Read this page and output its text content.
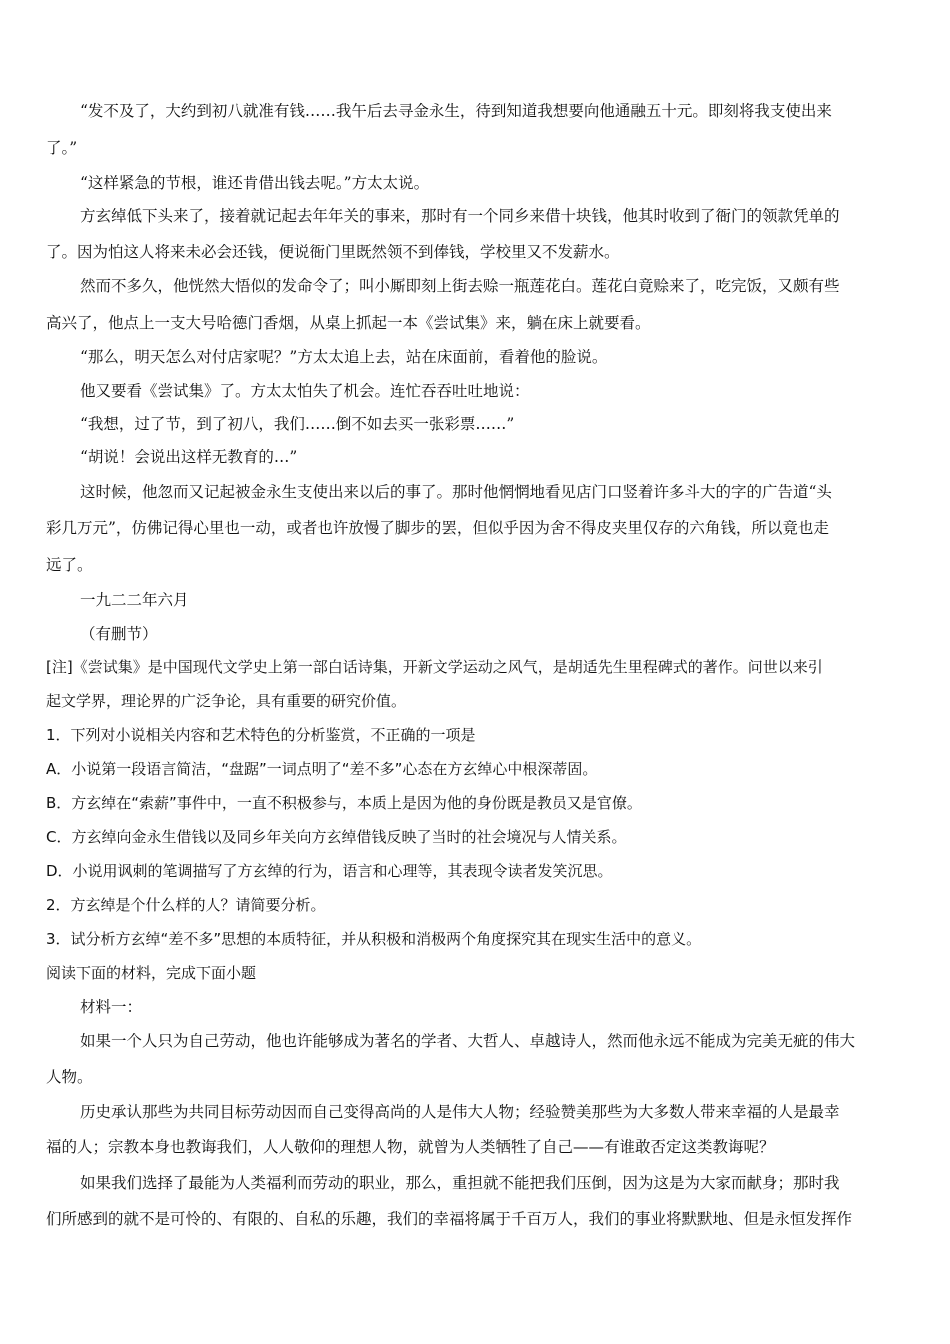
“发不及了，大约到初八就准有钱……我午后去寻金永生，待到知道我想要向他通融五十元。即刻将我支使出来

了。”

“这样紧急的节根，谁还肯借出钱去呢。”方太太说。

方玄绰低下头来了，接着就记起去年年关的事来，那时有一个同乡来借十块钱，他其时收到了衙门的领款凭单的

了。因为怕这人将来未必会还钱，便说衙门里既然领不到俸钱，学校里又不发薪水。

然而不多久，他恍然大悟似的发命令了；叫小厮即刻上街去赊一瓶莲花白。莲花白竟赊来了，吃完饭，又颇有些

高兴了，他点上一支大号哈德门香烟，从桌上抓起一本《尝试集》来，躺在床上就要看。

“那么，明天怎么对付店家呢？”方太太追上去，站在床面前，看着他的脸说。

他又要看《尝试集》了。方太太怕失了机会。连忙吞吞吐吐地说：

“我想，过了节，到了初八，我们……倒不如去买一张彩票……”

“胡说！会说出这样无教育的…”

这时候，他忽而又记起被金永生支使出来以后的事了。那时他惘惘地看见店门口竖着许多斗大的字的广告道“头

彩几万元”，仿佛记得心里也一动，或者也许放慢了脚步的罢，但似乎因为舍不得皮夹里仅存的六角钱，所以竟也走

远了。

一九二二年六月

（有删节）

[注]《尝试集》是中国现代文学史上第一部白话诗集，开新文学运动之风气，是胡适先生里程碑式的著作。问世以来引

起文学界，理论界的广泛争论，具有重要的研究价值。

1．下列对小说相关内容和艺术特色的分析鉴赏，不正确的一项是

A．小说第一段语言简洁，“盘踞”一词点明了“差不多”心态在方玄绰心中根深蒂固。

B．方玄绰在“索薪”事件中，一直不积极参与，本质上是因为他的身份既是教员又是官僚。

C．方玄绰向金永生借钱以及同乡年关向方玄绰借钱反映了当时的社会境况与人情关系。

D．小说用讽刺的笔调描写了方玄绰的行为，语言和心理等，其表现令读者发笑沉思。

2．方玄绰是个什么样的人？请简要分析。

3．试分析方玄绰“差不多”思想的本质特征，并从积极和消极两个角度探究其在现实生活中的意义。

阅读下面的材料，完成下面小题

材料一：

如果一个人只为自己劳动，他也许能够成为著名的学者、大哲人、卓越诗人，然而他永远不能成为完美无疵的伟大

人物。

历史承认那些为共同目标劳动因而自己变得高尚的人是伟大人物；经验赞美那些为大多数人带来幸福的人是最幸

福的人；宗教本身也教诲我们，人人敬仰的理想人物，就曾为人类牺牲了自己——有谁敢否定这类教诲呢？

如果我们选择了最能为人类福利而劳动的职业，那么，重担就不能把我们压倒，因为这是为大家而献身；那时我

们所感到的就不是可怜的、有限的、自私的乐趣，我们的幸福将属于千百万人，我们的事业将默默地、但是永恒发挥作
